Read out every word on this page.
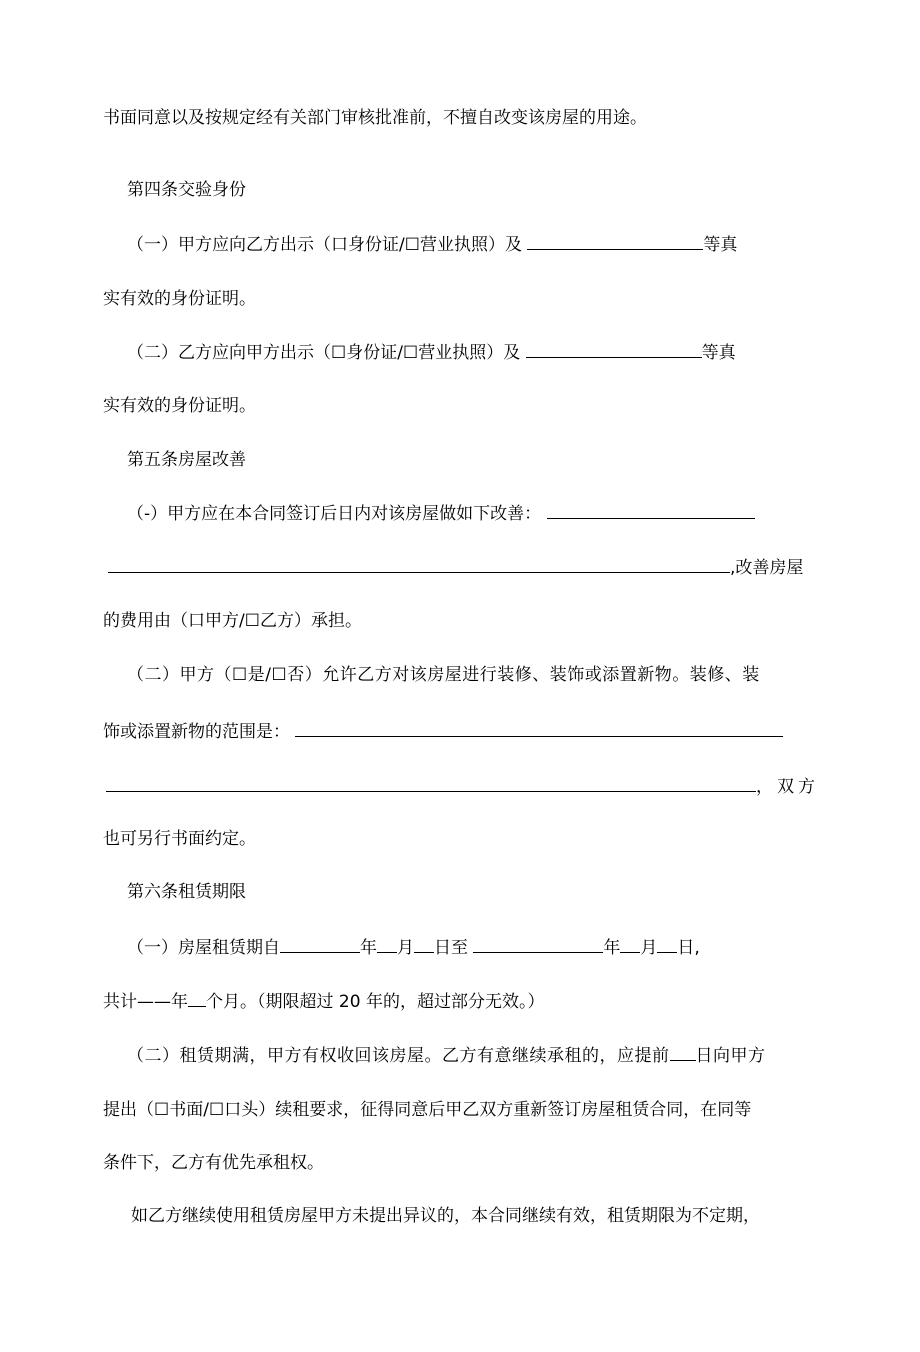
书面同意以及按规定经有关部门审核批准前，不擅自改变该房屋的用途。
第四条交验身份
（一）甲方应向乙方出示（口身份证/☐营业执照）及	等真
实有效的身份证明。
（二）乙方应向甲方出示（☐身份证/☐营业执照）及	等真
实有效的身份证明。
第五条房屋改善
（-）甲方应在本合同签订后日内对该房屋做如下改善：
,改善房屋
的费用由（口甲方/☐乙方）承担。
（二）甲方（☐是/☐否）允许乙方对该房屋进行装修、装饰或添置新物。装修、装
饰或添置新物的范围是：
，双方
也可另行书面约定。
第六条租赁期限
（一）房屋租赁期自	年 月 日至	年 月 日,
共计——年 个月。（期限超过 20 年的，超过部分无效。）
（二）租赁期满，甲方有权收回该房屋。乙方有意继续承租的，应提前 日向甲方
提出（☐书面/☐口头）续租要求，征得同意后甲乙双方重新签订房屋租赁合同，在同等
条件下，乙方有优先承租权。
如乙方继续使用租赁房屋甲方未提出异议的，本合同继续有效，租赁期限为不定期，
